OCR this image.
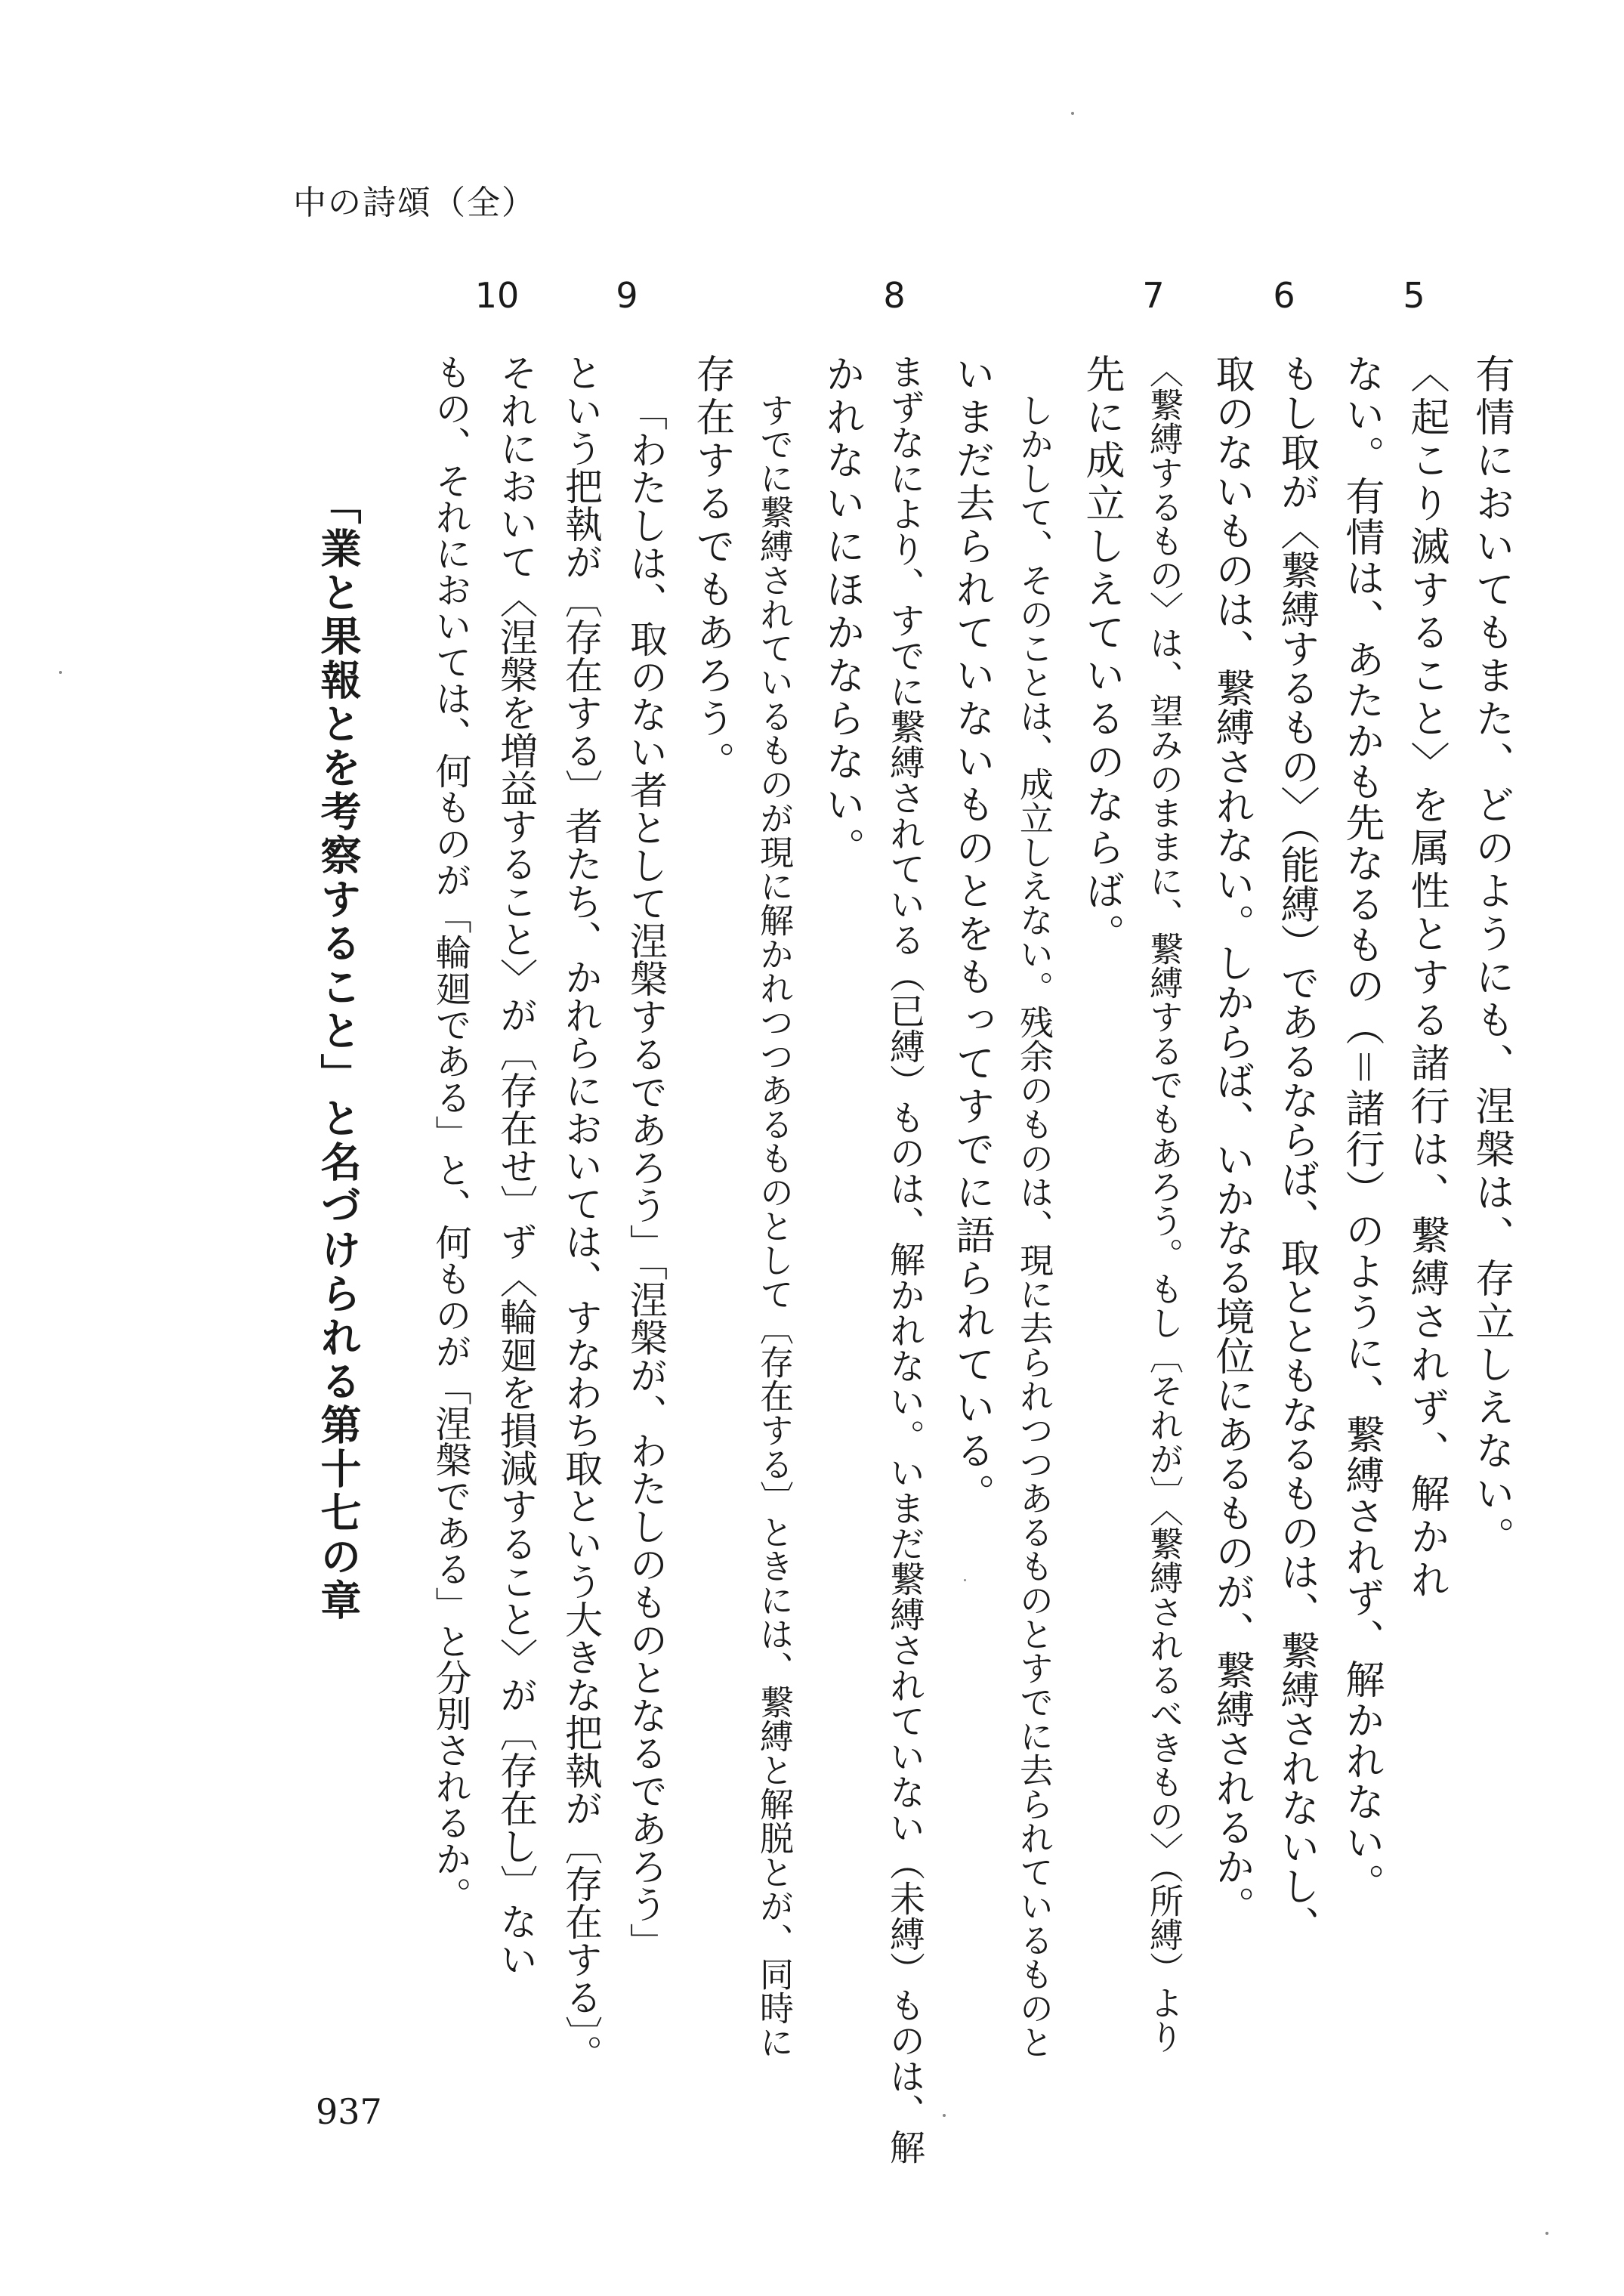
中の詩頌（全）
5
6
7
8
9
10
有情においてもまた、どのようにも、涅槃は、存立しえない。
〈起こり滅すること〉を属性とする諸行は、繋縛されず、解かれ
ない。有情は、あたかも先なるもの（＝諸行）のように、繋縛されず、解かれない。
もし取が〈繋縛するもの〉（能縛）であるならば、取とともなるものは、繋縛されないし、
取のないものは、繋縛されない。しからば、いかなる境位にあるものが、繋縛されるか。
〈繋縛するもの〉は、望みのままに、繋縛するでもあろう。もし〔それが〕〈繋縛されるべきもの〉（所縛）より
先に成立しえているのならば。
しかして、そのことは、成立しえない。残余のものは、現に去られつつあるものとすでに去られているものと
いまだ去られていないものとをもってすでに語られている。
まずなにより、すでに繋縛されている（已縛）ものは、解かれない。いまだ繋縛されていない（未縛）ものは、解
かれないにほかならない。
すでに繋縛されているものが現に解かれつつあるものとして〔存在する〕ときには、繋縛と解脱とが、同時に
存在するでもあろう。
「わたしは、取のない者として涅槃するであろう」「涅槃が、わたしのものとなるであろう」
という把執が〔存在する〕者たち、かれらにおいては、すなわち取という大きな把執が〔存在する〕。
それにおいて〈涅槃を増益すること〉が〔存在せ〕ず〈輪廻を損減すること〉が〔存在し〕ない
もの、それにおいては、何ものが「輪廻である」と、何ものが「涅槃である」と分別されるか。
「業と果報とを考察すること」と名づけられる第十七の章
937
